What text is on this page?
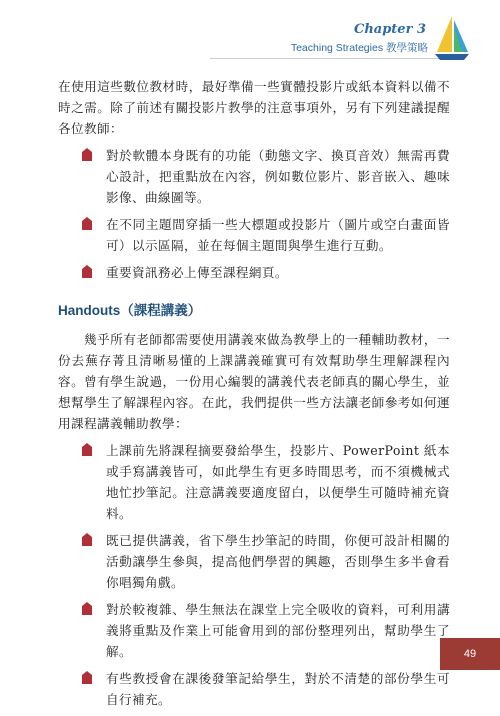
Chapter 3
Teaching Strategies 教學策略

在使用這些數位教材時，最好準備一些實體投影片或紙本資料以備不時之需。除了前述有關投影片教學的注意事項外，另有下列建議提醒各位教師：

對於軟體本身既有的功能（動態文字、換頁音效）無需再費心設計，把重點放在內容，例如數位影片、影音嵌入、趣味影像、曲線圖等。
在不同主題間穿插一些大標題或投影片（圖片或空白畫面皆可）以示區隔，並在每個主題間與學生進行互動。
重要資訊務必上傳至課程網頁。
Handouts（課程講義）

幾乎所有老師都需要使用講義來做為教學上的一種輔助教材，一份去蕪存菁且清晰易懂的上課講義確實可有效幫助學生理解課程內容。曾有學生說過，一份用心編製的講義代表老師真的關心學生，並想幫學生了解課程內容。在此，我們提供一些方法讓老師參考如何運用課程講義輔助教學：

上課前先將課程摘要發給學生，投影片、PowerPoint 紙本或手寫講義皆可，如此學生有更多時間思考，而不須機械式地忙抄筆記。注意講義要適度留白，以便學生可隨時補充資料。
既已提供講義，省下學生抄筆記的時間，你便可設計相關的活動讓學生參與，提高他們學習的興趣，否則學生多半會看你唱獨角戲。
對於較複雜、學生無法在課堂上完全吸收的資料，可利用講義將重點及作業上可能會用到的部份整理列出，幫助學生了解。
有些教授會在課後發筆記給學生，對於不清楚的部份學生可自行補充。
49
